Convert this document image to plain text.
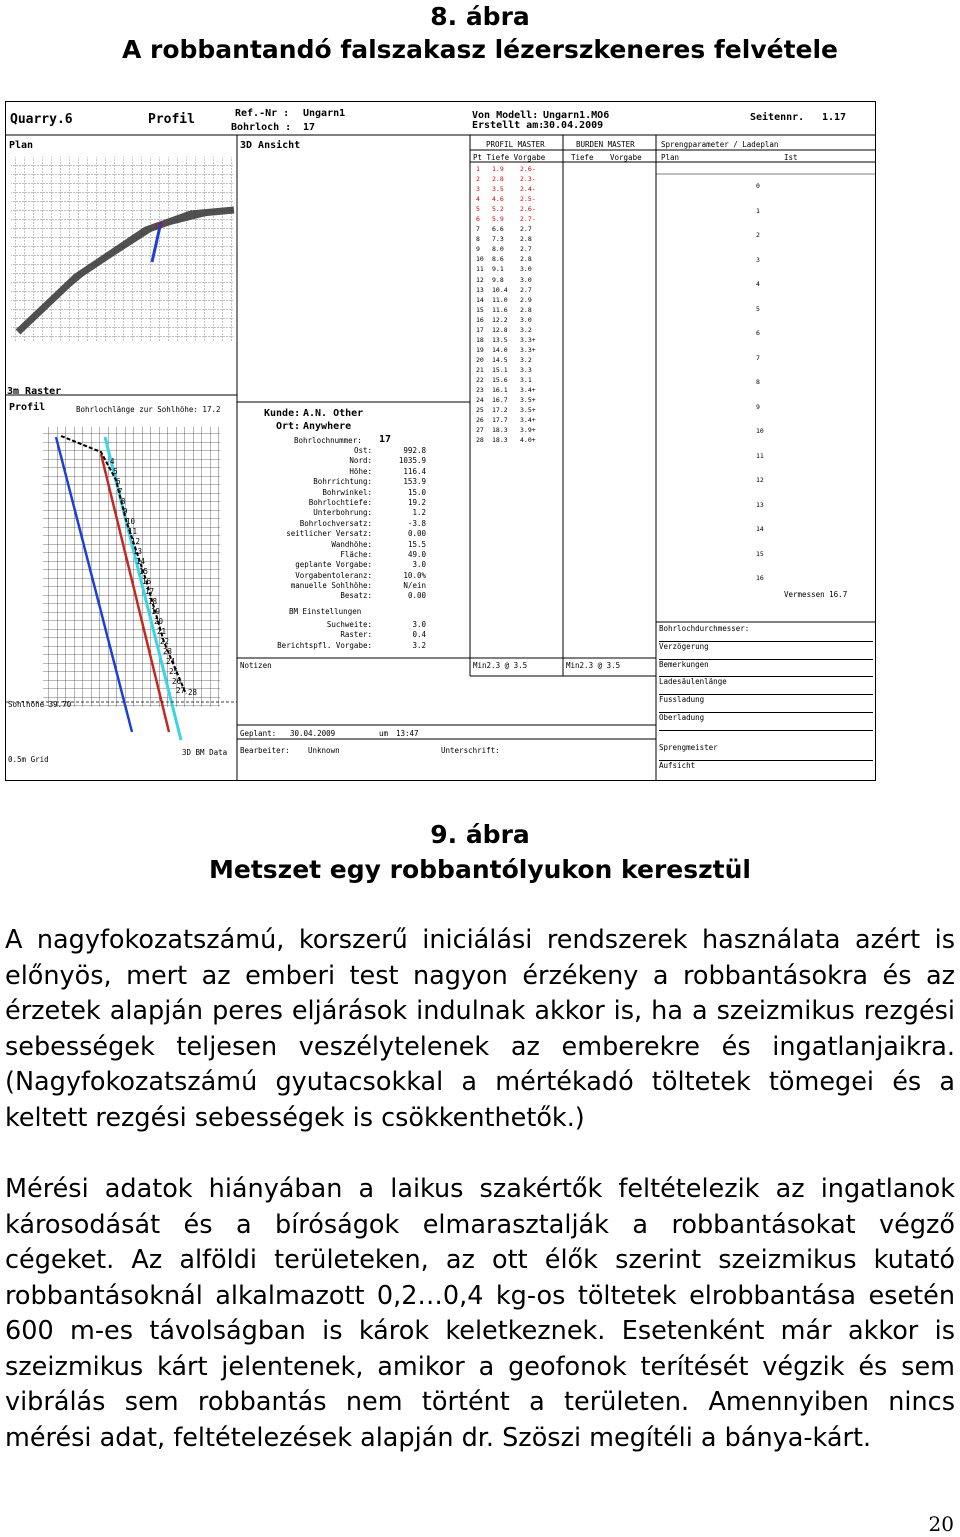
8. ábra
A robbantandó falszakasz lézerszkeneres felvétele
Quarry.6	Profil	Ref.-Nr : Ungarn1
Bohrloch : 17
Von Modell: Ungarn1.MO6
Erstellt am:
30.04.2009
Seitennr. 1.17
Plan
17
3m Raster
Profil	Bohrlochlänge zur Sohlhöhe: 17.2
Sohlhöhe 39.70
0.5m Grid
3D BM Data
4
5
6
7
8
9
10
11
12
13
14
15
16
17
18
19
20
21
22
23
24
25
26
27 28
3D Ansicht
Kunde: A.N. Other
Ort: Anywhere
Bohrlochnummer: 17
Ost:	992.8
Nord:	1035.9
Höhe:	116.4
Bohrrichtung:	153.9
Bohrwinkel:	15.0
Bohrlochtiefe:	19.2
Unterbohrung:	1.2
Bohrlochversatz:	-3.8
seitlicher Versatz:	0.00
Wandhöhe:	15.5
Fläche:	49.0
geplante Vorgabe:	3.0
Vorgabentoleranz:	10.0%
manuelle Sohlhöhe:	N/ein
Besatz:	0.00
BM Einstellungen
Suchweite:	3.0
Raster:	0.4
Berichtspfl. Vorgabe:	3.2
Notizen	Min2.3 @ 3.5	Min2.3 @ 3.5
Geplant: 30.04.2009	um 13:47
Bearbeiter: Unknown	Unterschrift:
PROFIL MASTER	BURDEN MASTER	Sprengparameter / Ladeplan
Pt Tiefe Vorgabe	Tiefe Vorgabe	Plan	Ist
1	1.9	2.6-
2	2.8	2.3-
3	3.5	2.4-
4	4.6	2.5-
5	5.2	2.6-
6	5.9	2.7-
7	6.6	2.7
8	7.3	2.8
9	8.0	2.7
10	8.6	2.8
11	9.1	3.0
12	9.8	3.0
13	10.4	2.7
14	11.0	2.9
15	11.6	2.8
16	12.2	3.0
17	12.8	3.2
18	13.5	3.3+
19	14.0	3.3+
20	14.5	3.2
21	15.1	3.3
22	15.6	3.1
23	16.1	3.4+
24	16.7	3.5+
25	17.2	3.5+
26	17.7	3.4+
27	18.3	3.9+
28	18.3	4.0+
0
1
2
3
4
5
6
7
8
9
10
11
12
13
14
15
16
Vermessen 16.7
Bohrlochdurchmesser:
Verzögerung
Bemerkungen
Ladesäulenlänge
Fussladung
Oberladung
Sprengmeister
Aufsicht
9. ábra
Metszet egy robbantólyukon keresztül
A nagyfokozatszámú, korszerű iniciálási rendszerek használata azért is előnyös, mert az emberi test nagyon érzékeny a robbantásokra és az érzetek alapján peres eljárások indulnak akkor is, ha a szeizmikus rezgési sebességek teljesen veszélytelenek az emberekre és ingatlanjaikra. (Nagyfokozatszámú gyutacsokkal a mértékadó töltetek tömegei és a keltett rezgési sebességek is csökkenthetők.)
Mérési adatok hiányában a laikus szakértők feltételezik az ingatlanok károsodását és a bíróságok elmarasztalják a robbantásokat végző cégeket. Az alföldi területeken, az ott élők szerint szeizmikus kutató robbantásoknál alkalmazott 0,2…0,4 kg-os töltetek elrobbantása esetén 600 m-es távolságban is károk keletkeznek. Esetenként már akkor is szeizmikus kárt jelentenek, amikor a geofonok terítését végzik és sem vibrálás sem robbantás nem történt a területen. Amennyiben nincs mérési adat, feltételezések alapján dr. Szöszi megítéli a bánya-kárt.
20
